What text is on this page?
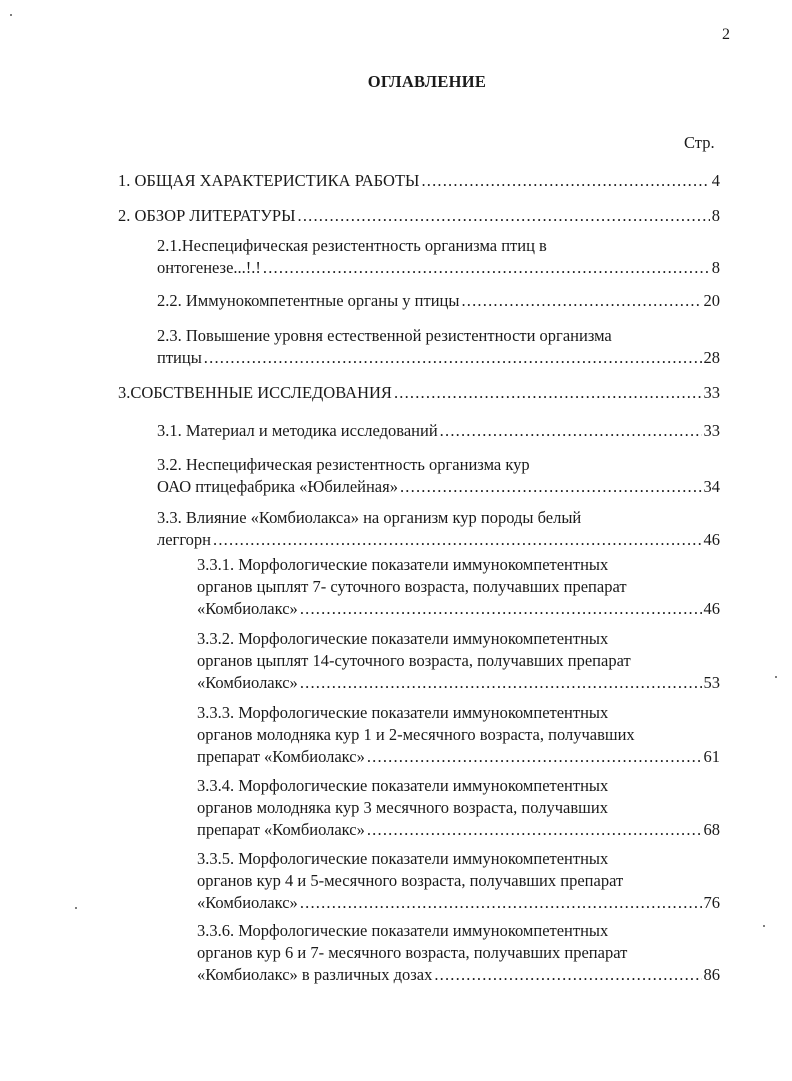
2
ОГЛАВЛЕНИЕ
Стр.
1. ОБЩАЯ ХАРАКТЕРИСТИКА РАБОТЫ .....	4
2. ОБЗОР ЛИТЕРАТУРЫ .....	8
2.1.Неспецифическая резистентность организма птиц в
онтогенезе...!.! .....	8
2.2. Иммунокомпетентные органы у птицы .....	20
2.3. Повышение уровня естественной резистентности организма
птицы .....	28
3.СОБСТВЕННЫЕ ИССЛЕДОВАНИЯ .....	33
3.1. Материал и методика исследований .....	33
3.2. Неспецифическая резистентность организма кур
ОАО птицефабрика «Юбилейная» .....	34
3.3. Влияние «Комбиолакса» на организм кур породы белый
леггорн .....	46
3.3.1. Морфологические показатели иммунокомпетентных
органов цыплят 7- суточного возраста, получавших препарат
«Комбиолакс» .....	46
3.3.2. Морфологические показатели иммунокомпетентных
органов цыплят 14-суточного возраста, получавших препарат
«Комбиолакс» .....	53
3.3.3. Морфологические показатели иммунокомпетентных
органов молодняка кур 1 и 2-месячного возраста, получавших
препарат «Комбиолакс» .....	61
3.3.4. Морфологические показатели иммунокомпетентных
органов молодняка кур 3 месячного возраста, получавших
препарат «Комбиолакс» .....	68
3.3.5. Морфологические показатели иммунокомпетентных
органов кур 4 и 5-месячного возраста, получавших препарат
«Комбиолакс» .....	76
3.3.6. Морфологические показатели иммунокомпетентных
органов кур 6 и 7- месячного возраста, получавших препарат
«Комбиолакс» в различных дозах .....	86
